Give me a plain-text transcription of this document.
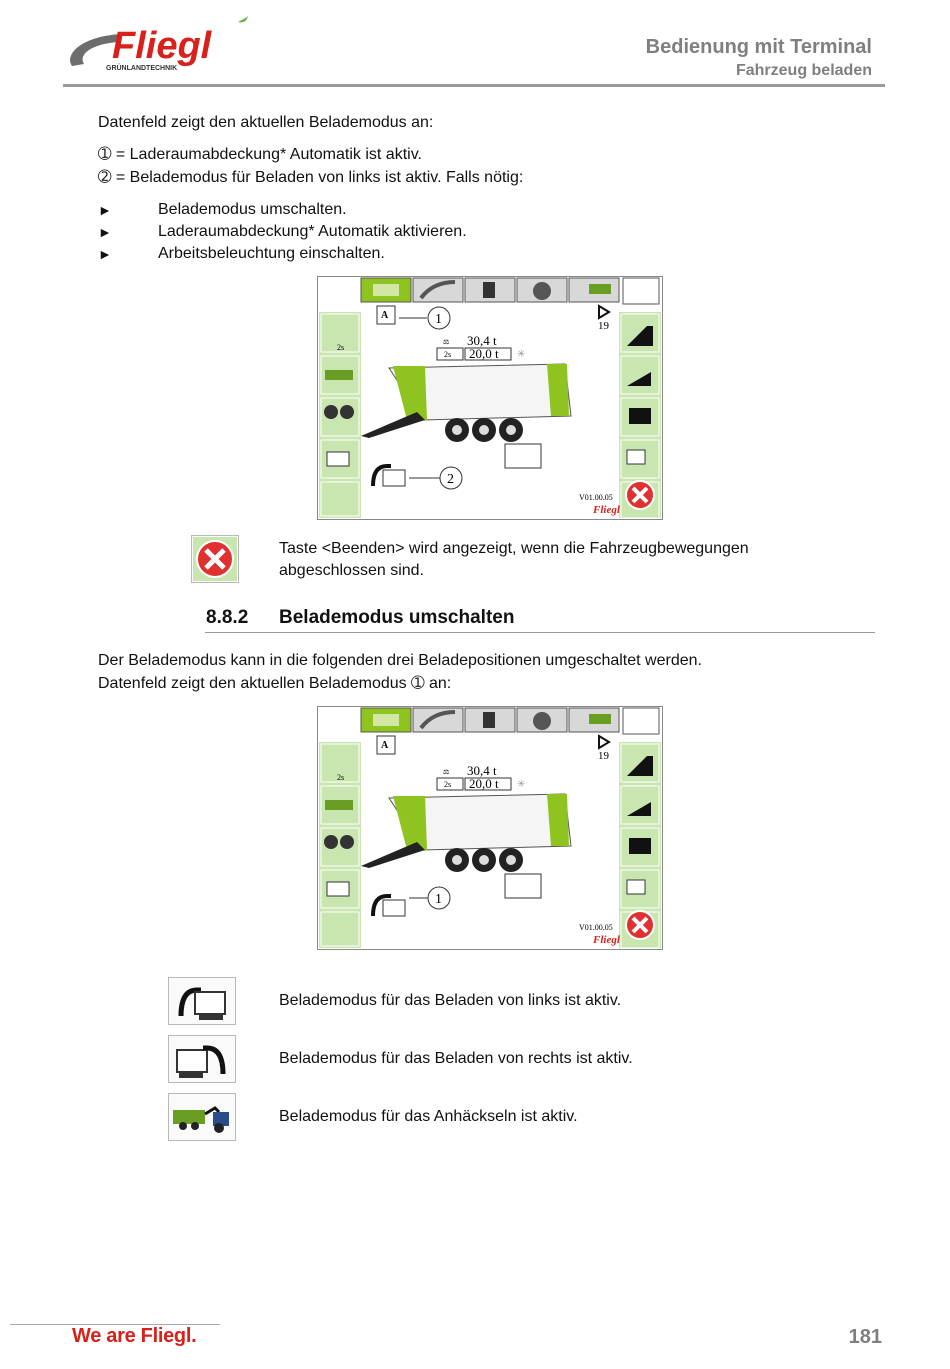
Fliegl
GRÜNLANDTECHNIK
Bedienung mit Terminal
Fahrzeug beladen
Datenfeld zeigt den aktuellen Belademodus an:
➀ = Laderaumabdeckung* Automatik ist aktiv.
➁ = Belademodus für Beladen von links ist aktiv. Falls nötig:
►	Belademodus umschalten.
►	Laderaumabdeckung* Automatik aktivieren.
►	Arbeitsbeleuchtung einschalten.
2s
A	1	19
⚖ 30,4 t
2s 20,0 t ✳
2
V01.00.05
Fliegl
Taste <Beenden> wird angezeigt, wenn die Fahrzeugbewegungen
abgeschlossen sind.
8.8.2 Belademodus umschalten
Der Belademodus kann in die folgenden drei Beladepositionen umgeschaltet werden.
Datenfeld zeigt den aktuellen Belademodus ➀ an:
2s
A
19
⚖ 30,4 t
2s 20,0 t ✳
1
V01.00.05
Fliegl
Belademodus für das Beladen von links ist aktiv.
Belademodus für das Beladen von rechts ist aktiv.
Belademodus für das Anhäckseln ist aktiv.
We are Fliegl.	181
